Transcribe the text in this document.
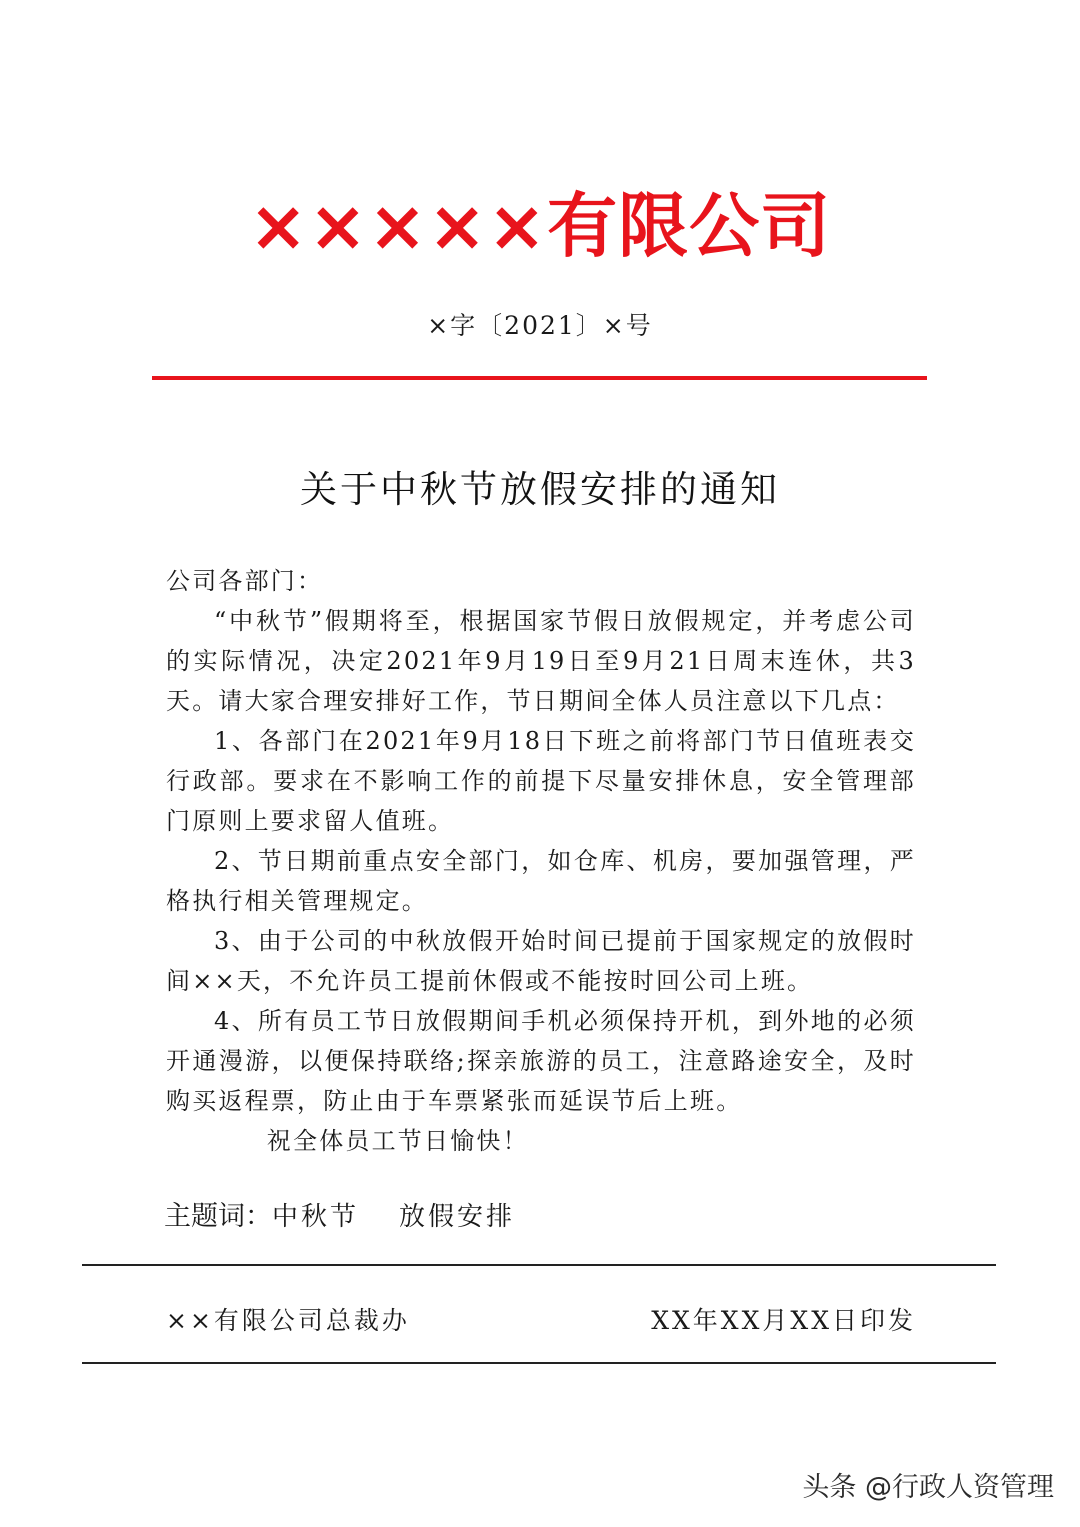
×××××有限公司
×字〔2021〕×号
关于中秋节放假安排的通知

公司各部门：

“中秋节”假期将至，根据国家节假日放假规定，并考虑公司的实际情况，决定2021年9月19日至9月21日周末连休，共3天。请大家合理安排好工作，节日期间全体人员注意以下几点：

1、各部门在2021年9月18日下班之前将部门节日值班表交行政部。要求在不影响工作的前提下尽量安排休息，安全管理部门原则上要求留人值班。

2、节日期前重点安全部门，如仓库、机房，要加强管理，严格执行相关管理规定。

3、由于公司的中秋放假开始时间已提前于国家规定的放假时间××天，不允许员工提前休假或不能按时回公司上班。

4、所有员工节日放假期间手机必须保持开机，到外地的必须开通漫游，以便保持联络;探亲旅游的员工，注意路途安全，及时购买返程票，防止由于车票紧张而延误节后上班。

祝全体员工节日愉快！

主题词：中秋节 放假安排
××有限公司总裁办	XX年XX月XX日印发
头条 @行政人资管理
